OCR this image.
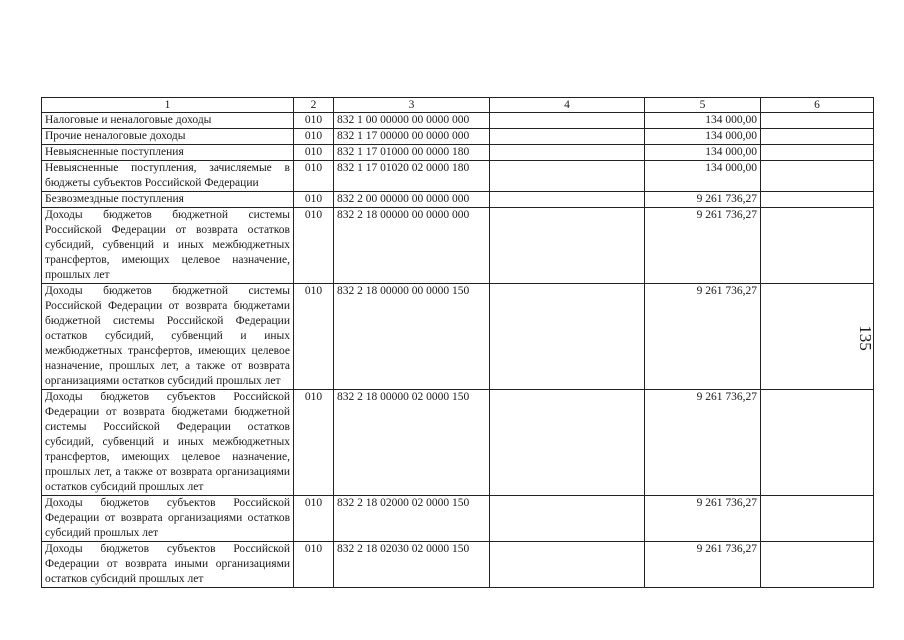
1	2	3	4	5	6
Налоговые и неналоговые доходы	010	832 1 00 00000 00 0000 000		134 000,00	
Прочие неналоговые доходы	010	832 1 17 00000 00 0000 000		134 000,00	
Невыясненные поступления	010	832 1 17 01000 00 0000 180		134 000,00	
Невыясненные поступления, зачисляемые в бюджеты субъектов Российской Федерации	010	832 1 17 01020 02 0000 180		134 000,00	
Безвозмездные поступления	010	832 2 00 00000 00 0000 000		9 261 736,27	
Доходы бюджетов бюджетной системы Российской Федерации от возврата остатков субсидий, субвенций и иных межбюджетных трансфертов, имеющих целевое назначение, прошлых лет	010	832 2 18 00000 00 0000 000		9 261 736,27	
Доходы бюджетов бюджетной системы Российской Федерации от возврата бюджетами бюджетной системы Российской Федерации остатков субсидий, субвенций и иных межбюджетных трансфертов, имеющих целевое назначение, прошлых лет, а также от возврата организациями остатков субсидий прошлых лет	010	832 2 18 00000 00 0000 150		9 261 736,27	
Доходы бюджетов субъектов Российской Федерации от возврата бюджетами бюджетной системы Российской Федерации остатков субсидий, субвенций и иных межбюджетных трансфертов, имеющих целевое назначение, прошлых лет, а также от возврата организациями остатков субсидий прошлых лет	010	832 2 18 00000 02 0000 150		9 261 736,27	
Доходы бюджетов субъектов Российской Федерации от возврата организациями остатков субсидий прошлых лет	010	832 2 18 02000 02 0000 150		9 261 736,27	
Доходы бюджетов субъектов Российской Федерации от возврата иными организациями остатков субсидий прошлых лет	010	832 2 18 02030 02 0000 150		9 261 736,27	
135
